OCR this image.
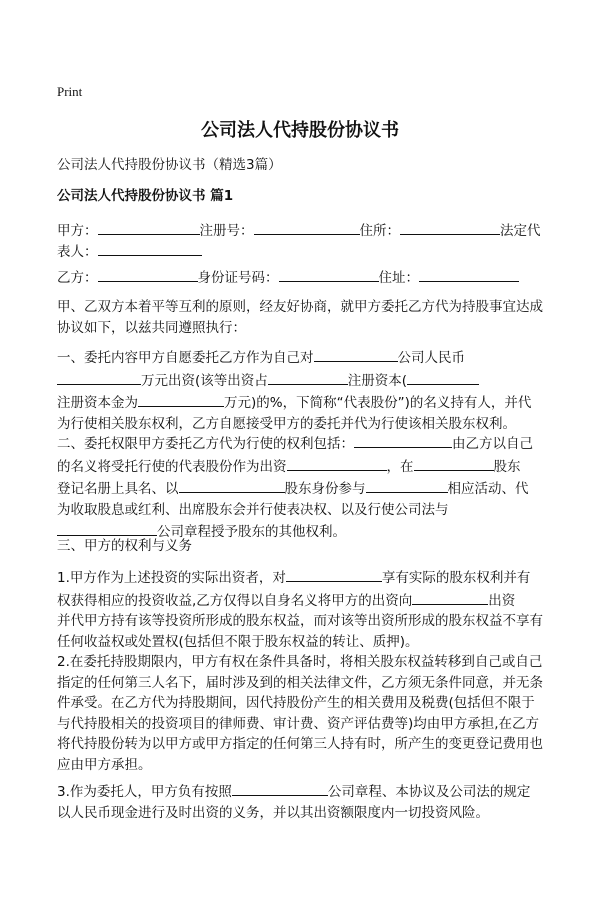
Print
公司法人代持股份协议书
公司法人代持股份协议书（精选3篇）
公司法人代持股份协议书 篇1
甲方：	注册号：	住所：	法定代
表人：
乙方：	身份证号码：	住址：
甲、乙双方本着平等互利的原则，经友好协商，就甲方委托乙方代为持股事宜达成
协议如下，以兹共同遵照执行：
一、委托内容甲方自愿委托乙方作为自己对	公司人民币
万元出资(该等出资占	注册资本(
注册资本金为	万元)的%，下简称“代表股份”)的名义持有人，并代
为行使相关股东权利，乙方自愿接受甲方的委托并代为行使该相关股东权利。
二、委托权限甲方委托乙方代为行使的权利包括：	由乙方以自己
的名义将受托行使的代表股份作为出资	，在	股东
登记名册上具名、以	股东身份参与	相应活动、代
为收取股息或红利、出席股东会并行使表决权、以及行使公司法与
公司章程授予股东的其他权利。
三、甲方的权利与义务
1.甲方作为上述投资的实际出资者，对	享有实际的股东权利并有
权获得相应的投资收益,乙方仅得以自身名义将甲方的出资向	出资
并代甲方持有该等投资所形成的股东权益，而对该等出资所形成的股东权益不享有
任何收益权或处置权(包括但不限于股东权益的转让、质押)。
2.在委托持股期限内，甲方有权在条件具备时，将相关股东权益转移到自己或自己
指定的任何第三人名下，届时涉及到的相关法律文件，乙方须无条件同意，并无条
件承受。在乙方代为持股期间，因代持股份产生的相关费用及税费(包括但不限于
与代持股相关的投资项目的律师费、审计费、资产评估费等)均由甲方承担,在乙方
将代持股份转为以甲方或甲方指定的任何第三人持有时，所产生的变更登记费用也
应由甲方承担。
3.作为委托人，甲方负有按照	公司章程、本协议及公司法的规定
以人民币现金进行及时出资的义务，并以其出资额限度内一切投资风险。
